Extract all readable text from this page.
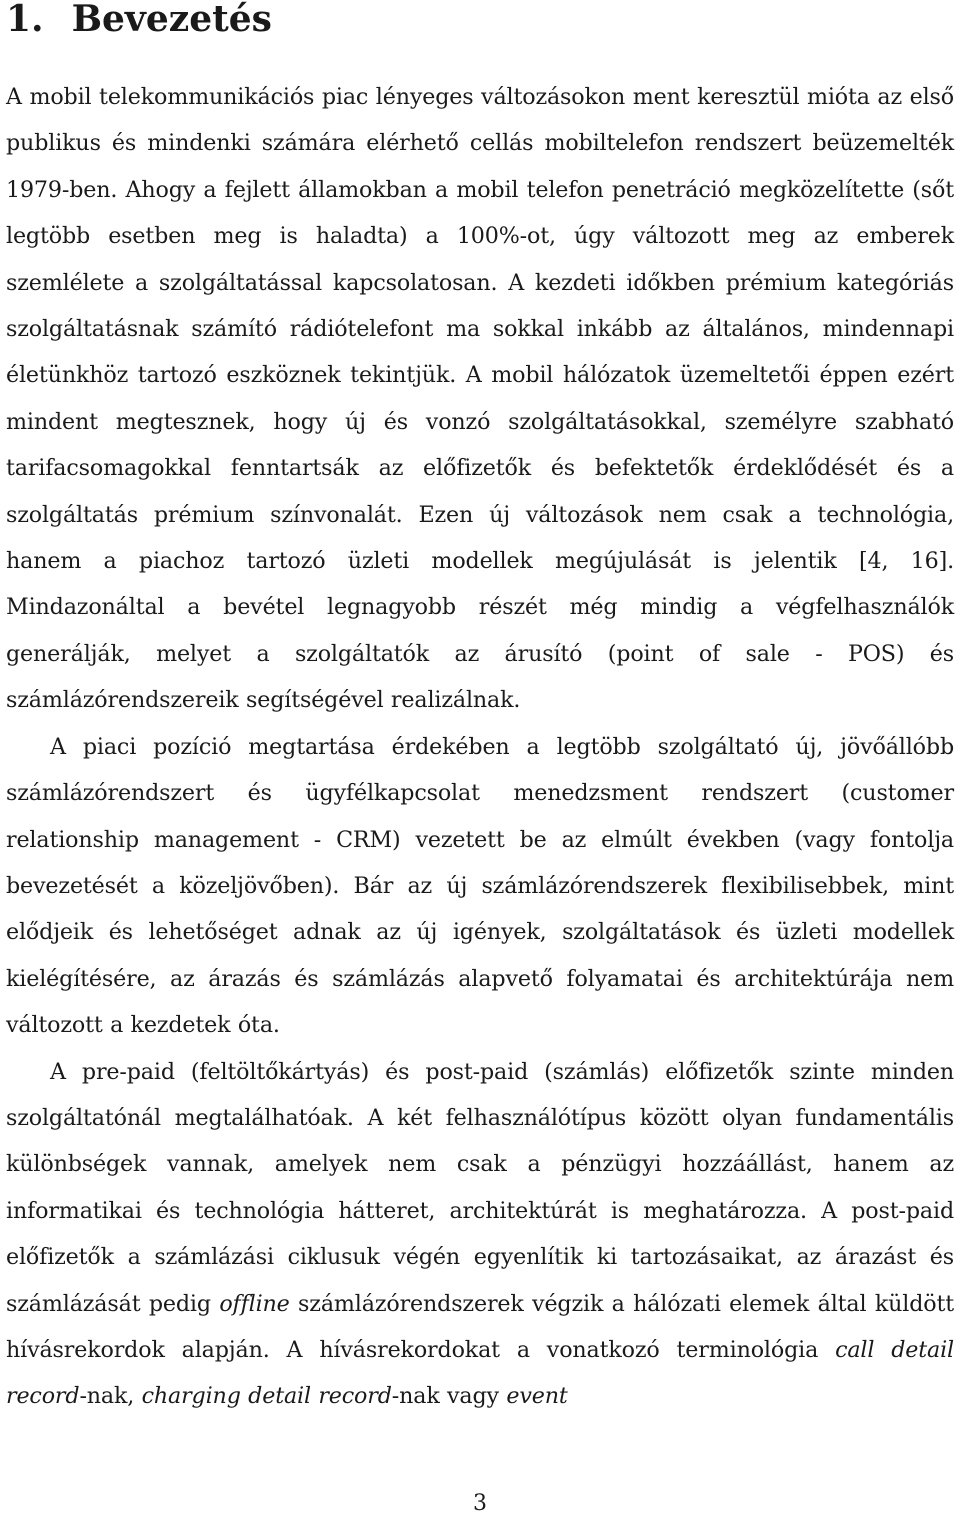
1. Bevezetés

A mobil telekommunikációs piac lényeges változásokon ment keresztül mióta az első publikus és mindenki számára elérhető cellás mobiltelefon rendszert beüzemelték 1979-ben. Ahogy a fejlett államokban a mobil telefon penetráció megközelítette (sőt legtöbb esetben meg is haladta) a 100%-ot, úgy változott meg az emberek szemlélete a szolgáltatással kapcsolatosan. A kezdeti időkben prémium kategóriás szolgáltatásnak számító rádiótelefont ma sokkal inkább az általános, mindennapi életünkhöz tartozó eszköznek tekintjük. A mobil hálózatok üzemeltetői éppen ezért mindent megtesznek, hogy új és vonzó szolgáltatásokkal, személyre szabható tarifacsomagokkal fenntartsák az előfizetők és befektetők érdeklődését és a szolgáltatás prémium színvonalát. Ezen új változások nem csak a technológia, hanem a piachoz tartozó üzleti modellek megújulását is jelentik [4, 16]. Mindazonáltal a bevétel legnagyobb részét még mindig a végfelhasználók generálják, melyet a szolgáltatók az árusító (point of sale - POS) és számlázórendszereik segítségével realizálnak.

A piaci pozíció megtartása érdekében a legtöbb szolgáltató új, jövőállóbb számlázórendszert és ügyfélkapcsolat menedzsment rendszert (customer relationship management - CRM) vezetett be az elmúlt években (vagy fontolja bevezetését a közeljövőben). Bár az új számlázórendszerek flexibilisebbek, mint elődjeik és lehetőséget adnak az új igények, szolgáltatások és üzleti modellek kielégítésére, az árazás és számlázás alapvető folyamatai és architektúrája nem változott a kezdetek óta.

A pre-paid (feltöltőkártyás) és post-paid (számlás) előfizetők szinte minden szolgáltatónál megtalálhatóak. A két felhasználótípus között olyan fundamentális különbségek vannak, amelyek nem csak a pénzügyi hozzáállást, hanem az informatikai és technológia hátteret, architektúrát is meghatározza. A post-paid előfizetők a számlázási ciklusuk végén egyenlítik ki tartozásaikat, az árazást és számlázását pedig offline számlázórendszerek végzik a hálózati elemek által küldött hívásrekordok alapján. A hívásrekordokat a vonatkozó terminológia call detail record-nak, charging detail record-nak vagy event

3
